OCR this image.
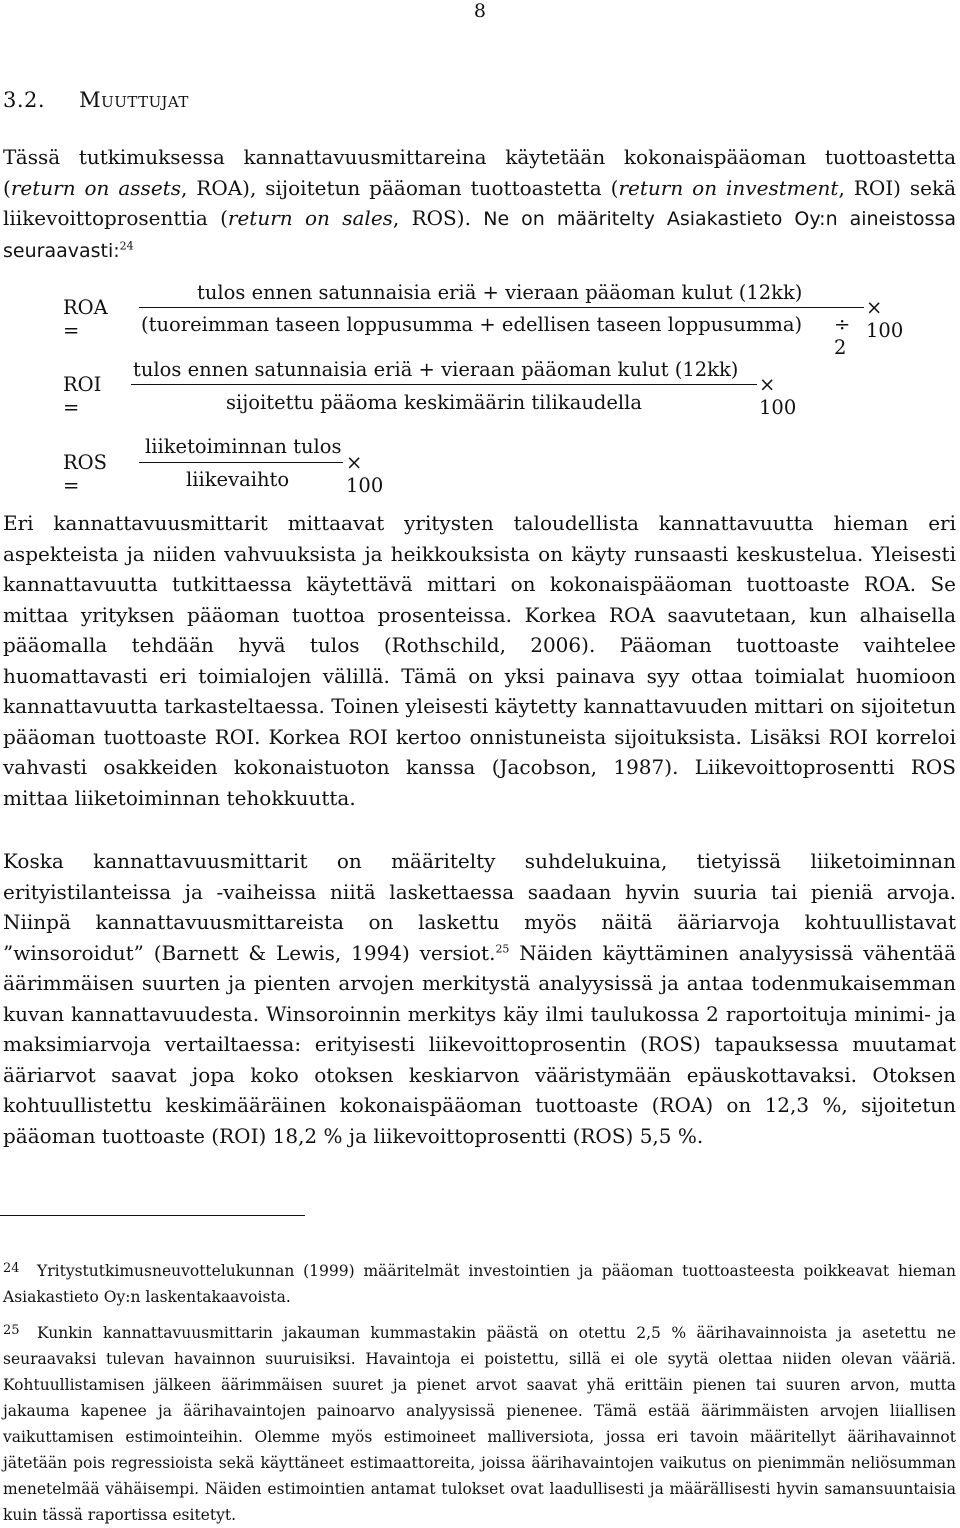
8
3.2. Muuttujat

Tässä tutkimuksessa kannattavuusmittareina käytetään kokonaispääoman tuottoastetta (return on assets, ROA), sijoitetun pääoman tuottoastetta (return on investment, ROI) sekä liikevoittoprosenttia (return on sales, ROS). Ne on määritelty Asiakastieto Oy:n aineistossa seuraavasti:$^{24}$

ROA =
tulos ennen satunnaisia eriä + vieraan pääoman kulut (12kk)
(tuoreimman taseen loppusumma + edellisen taseen loppusumma) ÷ 2
× 100
ROI =
tulos ennen satunnaisia eriä + vieraan pääoman kulut (12kk)
sijoitettu pääoma keskimäärin tilikaudella
× 100
ROS =
liiketoiminnan tulos
liikevaihto
× 100

Eri kannattavuusmittarit mittaavat yritysten taloudellista kannattavuutta hieman eri aspekteista ja niiden vahvuuksista ja heikkouksista on käyty runsaasti keskustelua. Yleisesti kannattavuutta tutkittaessa käytettävä mittari on kokonaispääoman tuottoaste ROA. Se mittaa yrityksen pääoman tuottoa prosenteissa. Korkea ROA saavutetaan, kun alhaisella pääomalla tehdään hyvä tulos (Rothschild, 2006). Pääoman tuottoaste vaihtelee huomattavasti eri toimialojen välillä. Tämä on yksi painava syy ottaa toimialat huomioon kannattavuutta tarkasteltaessa. Toinen yleisesti käytetty kannattavuuden mittari on sijoitetun pääoman tuottoaste ROI. Korkea ROI kertoo onnistuneista sijoituksista. Lisäksi ROI korreloi vahvasti osakkeiden kokonaistuoton kanssa (Jacobson, 1987). Liikevoittoprosentti ROS mittaa liiketoiminnan tehokkuutta.

Koska kannattavuusmittarit on määritelty suhdelukuina, tietyissä liiketoiminnan erityistilanteissa ja -vaiheissa niitä laskettaessa saadaan hyvin suuria tai pieniä arvoja. Niinpä kannattavuusmittareista on laskettu myös näitä ääriarvoja kohtuullistavat ”winsoroidut” (Barnett & Lewis, 1994) versiot.$^{25}$ Näiden käyttäminen analyysissä vähentää äärimmäisen suurten ja pienten arvojen merkitystä analyysissä ja antaa todenmukaisemman kuvan kannattavuudesta. Winsoroinnin merkitys käy ilmi taulukossa 2 raportoituja minimi- ja maksimiarvoja vertailtaessa: erityisesti liikevoittoprosentin (ROS) tapauksessa muutamat ääriarvot saavat jopa koko otoksen keskiarvon vääristymään epäuskottavaksi. Otoksen kohtuullistettu keskimääräinen kokonaispääoman tuottoaste (ROA) on 12,3 %, sijoitetun pääoman tuottoaste (ROI) 18,2 % ja liikevoittoprosentti (ROS) 5,5 %.

24 Yritystutkimusneuvottelukunnan (1999) määritelmät investointien ja pääoman tuottoasteesta poikkeavat hieman Asiakastieto Oy:n laskentakaavoista.

25 Kunkin kannattavuusmittarin jakauman kummastakin päästä on otettu 2,5 % äärihavainnoista ja asetettu ne seuraavaksi tulevan havainnon suuruisiksi. Havaintoja ei poistettu, sillä ei ole syytä olettaa niiden olevan vääriä. Kohtuullistamisen jälkeen äärimmäisen suuret ja pienet arvot saavat yhä erittäin pienen tai suuren arvon, mutta jakauma kapenee ja äärihavaintojen painoarvo analyysissä pienenee. Tämä estää äärimmäisten arvojen liiallisen vaikuttamisen estimointeihin. Olemme myös estimoineet malliversiota, jossa eri tavoin määritellyt äärihavainnot jätetään pois regressioista sekä käyttäneet estimaattoreita, joissa äärihavaintojen vaikutus on pienimmän neliösumman menetelmää vähäisempi. Näiden estimointien antamat tulokset ovat laadullisesti ja määrällisesti hyvin samansuuntaisia kuin tässä raportissa esitetyt.
